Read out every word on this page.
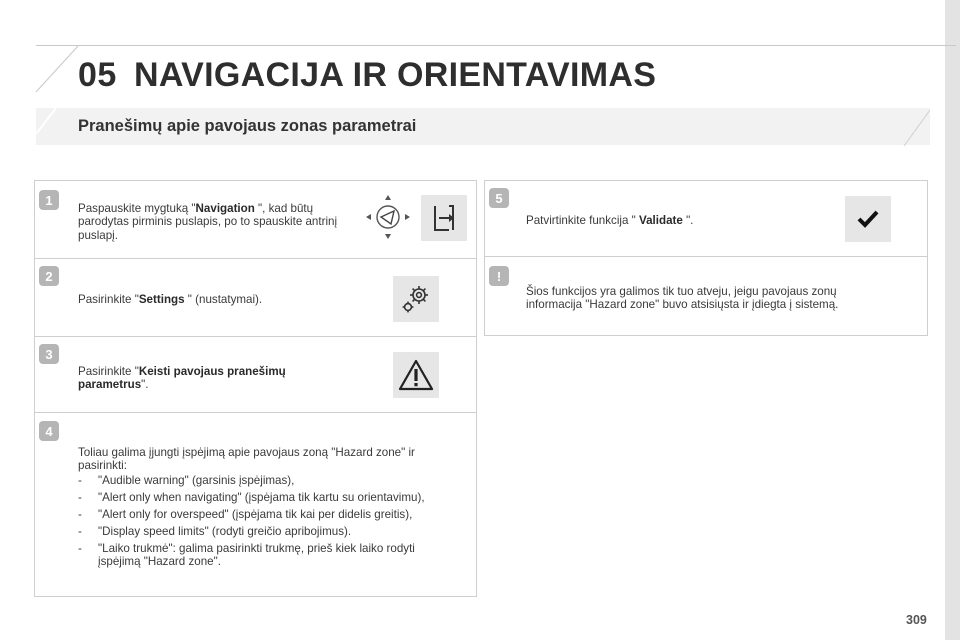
05 NAVIGACIJA IR ORIENTAVIMAS
Pranešimų apie pavojaus zonas parametrai
1
Paspauskite mygtuką "Navigation ", kad būtų parodytas pirminis puslapis, po to spauskite antrinį puslapį.
2
Pasirinkite "Settings " (nustatymai).
3
Pasirinkite "Keisti pavojaus pranešimų parametrus".
4
Toliau galima įjungti įspėjimą apie pavojaus zoną "Hazard zone" ir pasirinkti:
- "Audible warning" (garsinis įspėjimas),
- "Alert only when navigating" (įspėjama tik kartu su orientavimu),
- "Alert only for overspeed" (įspėjama tik kai per didelis greitis),
- "Display speed limits" (rodyti greičio apribojimus).
- "Laiko trukmė": galima pasirinkti trukmę, prieš kiek laiko rodyti įspėjimą "Hazard zone".
5
Patvirtinkite funkcija " Validate ".
!
Šios funkcijos yra galimos tik tuo atveju, jeigu pavojaus zonų informacija "Hazard zone" buvo atsisiųsta ir įdiegta į sistemą.
309
